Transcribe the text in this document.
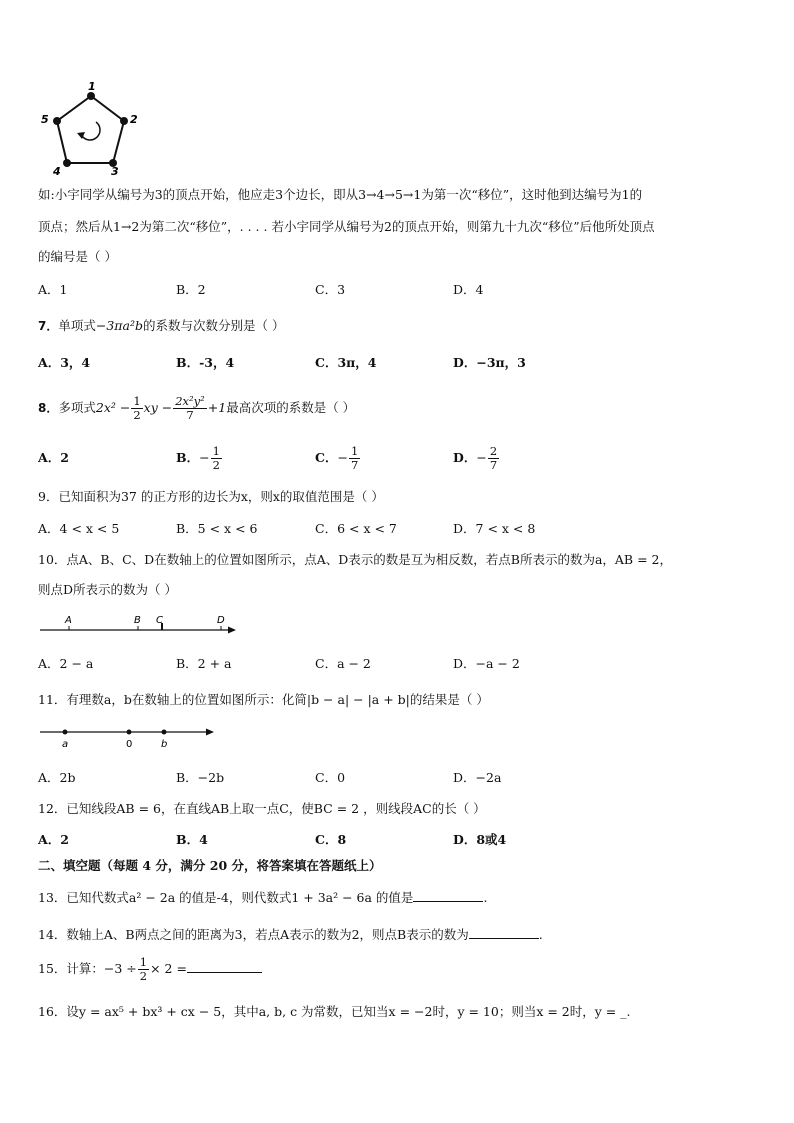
1
2
3
4
5
如:小宇同学从编号为3的顶点开始，他应走3个边长，即从3→4→5→1为第一次“移位”，这时他到达编号为1的
顶点；然后从1→2为第二次“移位”，. . . . 若小宇同学从编号为2的顶点开始，则第九十九次“移位”后他所处顶点
的编号是（ ）
A．1	B．2	C．3	D．4
7．单项式−3πa²b的系数与次数分别是（ ）
A．3，4	B．-3，4	C．3π，4	D．−3π，3
8．多项式$2x^2 - \frac{1}{2}$ xy − $\frac{\text{2x²y²}}{7} +1$最高次项的系数是（ ）
A．2	B．− $\frac{1}{2}$	C．− $\frac{1}{7}$	D．− $\frac{2}{7}$
9．已知面积为37 的正方形的边长为x，则x的取值范围是（ ）
A．4 < x < 5	B．5 < x < 6	C．6 < x < 7	D．7 < x < 8
10．点A、B、C、D在数轴上的位置如图所示，点A、D表示的数是互为相反数，若点B所表示的数为a，AB = 2，
则点D所表示的数为（ ）
A	B C	D
A．2 − a	B．2 + a	C．a − 2	D．−a − 2
11．有理数a，b在数轴上的位置如图所示：化简|b − a| − |a + b|的结果是（ ）
a	0	b
A．2b	B．−2b	C．0	D．−2a
12．已知线段AB = 6，在直线AB上取一点C，使BC = 2 ，则线段AC的长（ ）
A．2	B．4	C．8	D．8或4
二、填空题（每题 4 分，满分 20 分，将答案填在答题纸上）
13．已知代数式a² − 2a 的值是-4，则代数式1 + 3a² − 6a 的值是	.
14．数轴上A、B两点之间的距离为3，若点A表示的数为2，则点B表示的数为	.
15．计算：$-3 \div \frac{1}{2} \times 2$ =
16．设y = ax⁵ + bx³ + cx − 5，其中a, b, c 为常数，已知当x = −2时，y = 10；则当x = 2时，y = _.
